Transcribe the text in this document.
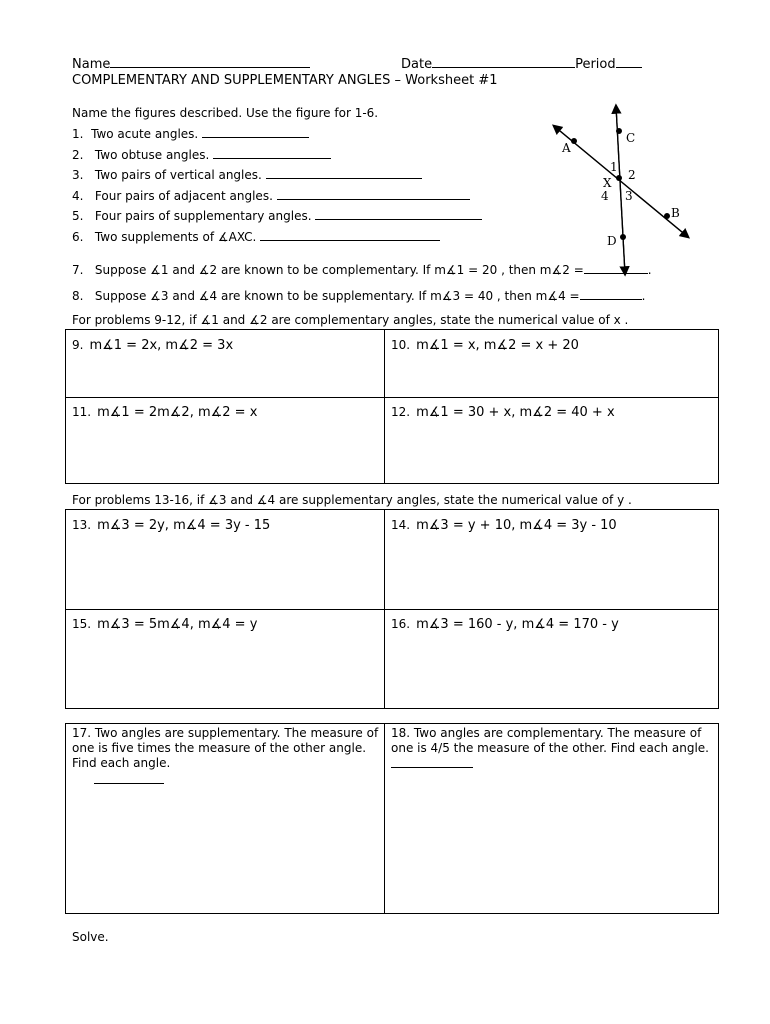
Name	Date	Period
COMPLEMENTARY AND SUPPLEMENTARY ANGLES – Worksheet #1
Name the figures described. Use the figure for 1-6.
1. Two acute angles.
2. Two obtuse angles.
3. Two pairs of vertical angles.
4. Four pairs of adjacent angles.
5. Four pairs of supplementary angles.
6. Two supplements of ∡AXC.
A
C
X
B
D
1
2
3
4
7. Suppose ∡1 and ∡2 are known to be complementary. If m∡1 = 20 , then m∡2 =	.
8. Suppose ∡3 and ∡4 are known to be supplementary. If m∡3 = 40 , then m∡4 =	.
For problems 9-12, if ∡1 and ∡2 are complementary angles, state the numerical value of x .
9. m∡1 = 2x, m∡2 = 3x	10. m∡1 = x, m∡2 = x + 20
11. m∡1 = 2m∡2, m∡2 = x	12. m∡1 = 30 + x, m∡2 = 40 + x
For problems 13-16, if ∡3 and ∡4 are supplementary angles, state the numerical value of y .
13. m∡3 = 2y, m∡4 = 3y - 15	14. m∡3 = y + 10, m∡4 = 3y - 10
15. m∡3 = 5m∡4, m∡4 = y	16. m∡3 = 160 - y, m∡4 = 170 - y
17. Two angles are supplementary. The measure of one is five times the measure of the other angle. Find each angle.
18. Two angles are complementary. The measure of one is 4/5 the measure of the other. Find each angle.
Solve.
